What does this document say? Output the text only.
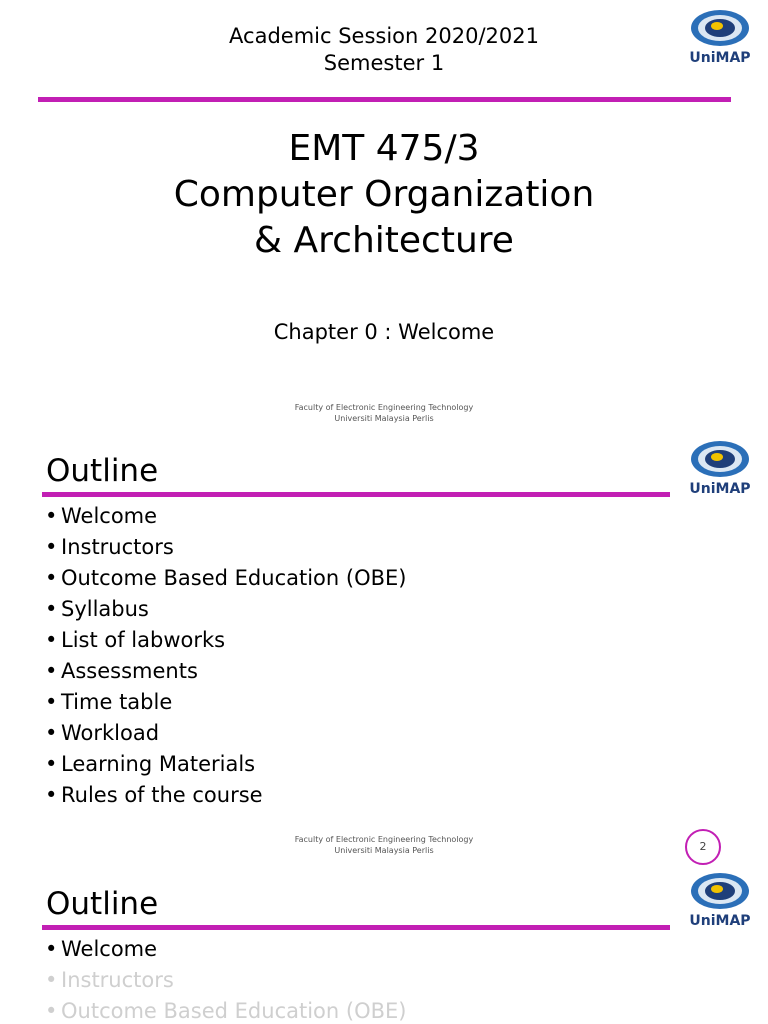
Academic Session 2020/2021
Semester 1	UniMAP
EMT 475/3
Computer Organization
& Architecture
Chapter 0 : Welcome
Faculty of Electronic Engineering Technology
Universiti Malaysia Perlis
Outline	UniMAP
• Welcome
• Instructors
• Outcome Based Education (OBE)
• Syllabus
• List of labworks
• Assessments
• Time table
• Workload
• Learning Materials
• Rules of the course
Faculty of Electronic Engineering Technology
Universiti Malaysia Perlis	2
Outline	UniMAP
• Welcome
• Instructors
• Outcome Based Education (OBE)
